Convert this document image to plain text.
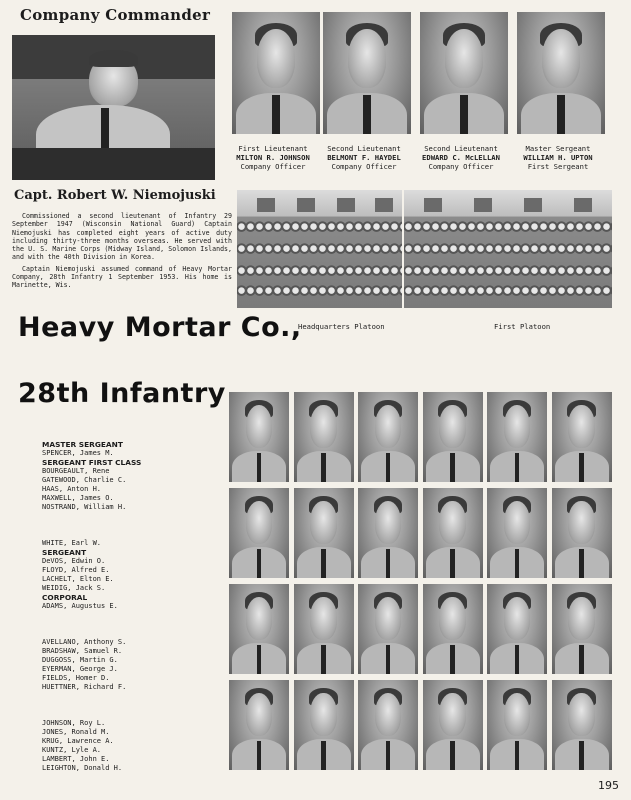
Company Commander
Capt. Robert W. Niemojuski

Commissioned a second lieutenant of Infantry 29 September 1947 (Wisconsin National Guard) Captain Niemojuski has completed eight years of active duty including thirty-three months overseas. He served with the U. S. Marine Corps (Midway Island, Solomon Islands, and with the 40th Division in Korea.

Captain Niemojuski assumed command of Heavy Mortar Company, 28th Infantry 1 September 1953. His home is Marinette, Wis.

First Lieutenant
MILTON R. JOHNSON
Company Officer
Second Lieutenant
BELMONT F. HAYDEL
Company Officer
Second Lieutenant
EDWARD C. McLELLAN
Company Officer
Master Sergeant
WILLIAM H. UPTON
First Sergeant
Headquarters Platoon	First Platoon
Heavy Mortar Co.,
28th Infantry
MASTER SERGEANT
SPENCER, James M.
SERGEANT FIRST CLASS
BOURGEAULT, Rene
GATEWOOD, Charlie C.
HAAS, Anton H.
MAXWELL, James O.
NOSTRAND, William H.
WHITE, Earl W.
SERGEANT
DeVOS, Edwin O.
FLOYD, Alfred E.
LACHELT, Elton E.
WEIDIG, Jack S.
CORPORAL
ADAMS, Augustus E.
AVELLANO, Anthony S.
BRADSHAW, Samuel R.
DUGGOSS, Martin G.
EYERMAN, George J.
FIELDS, Homer D.
HUETTNER, Richard F.
JOHNSON, Roy L.
JONES, Ronald M.
KRUG, Lawrence A.
KUNTZ, Lyle A.
LAMBERT, John E.
LEIGHTON, Donald H.
195
